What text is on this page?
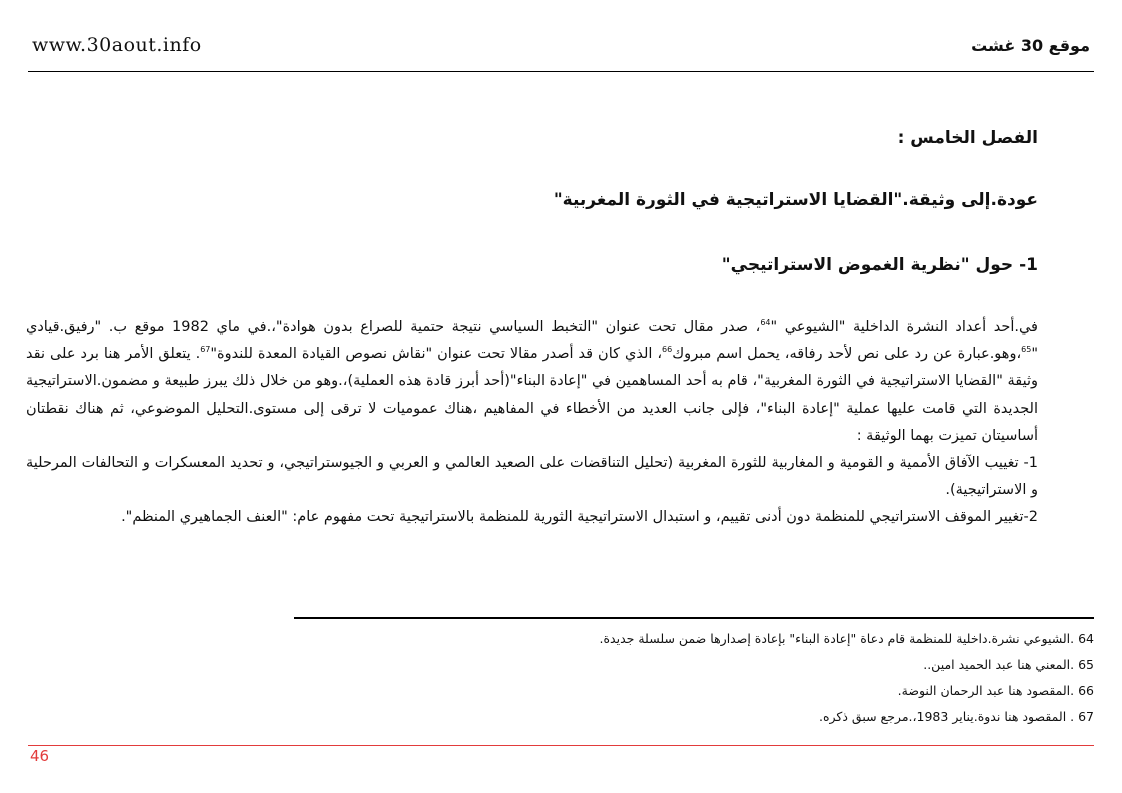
www.30aout.info	موقع 30 غشت
الفصل الخامس :
عودة.إلى وثيقة."القضايا الاستراتيجية في الثورة المغربية"
1- حول "نظرية الغموض الاستراتيجي"

في.أحد أعداد النشرة الداخلية "الشيوعي "$^{64}$، صدر مقال تحت عنوان "التخبط السياسي نتيجة حتمية للصراع بدون هوادة"،.في ماي 1982 موقع ب. "رفيق.قيادي "$^{65}$،وهو.عبارة عن رد على نص لأحد رفاقه، يحمل اسم مبروك$^{66}$، الذي كان قد أصدر مقالا تحت عنوان "نقاش نصوص القيادة المعدة للندوة"$^{67}$. يتعلق الأمر هنا برد على نقد وثيقة "القضايا الاستراتيجية في الثورة المغربية"، قام به أحد المساهمين في "إعادة البناء"(أحد أبرز قادة هذه العملية)،.وهو من خلال ذلك يبرز طبيعة و مضمون.الاستراتيجية الجديدة التي قامت عليها عملية "إعادة البناء"، فإلى جانب العديد من الأخطاء في المفاهيم ،هناك عموميات لا ترقى إلى مستوى.التحليل الموضوعي، ثم هناك نقطتان أساسيتان تميزت بهما الوثيقة :

1- تغييب الآفاق الأممية و القومية و المغاربية للثورة المغربية (تحليل التناقضات على الصعيد العالمي و العربي و الجيوستراتيجي، و تحديد المعسكرات و التحالفات المرحلية و الاستراتيجية).

2-تغيير الموقف الاستراتيجي للمنظمة دون أدنى تقييم، و استبدال الاستراتيجية الثورية للمنظمة بالاستراتيجية تحت مفهوم عام: "العنف الجماهيري المنظم".

64 .الشيوعي نشرة.داخلية للمنظمة قام دعاة "إعادة البناء" بإعادة إصدارها ضمن سلسلة جديدة.
65 .المعني هنا عبد الحميد امين..
66 .المقصود هنا عبد الرحمان النوضة.
67 . المقصود هنا ندوة.يناير 1983،.مرجع سبق ذكره.
46
